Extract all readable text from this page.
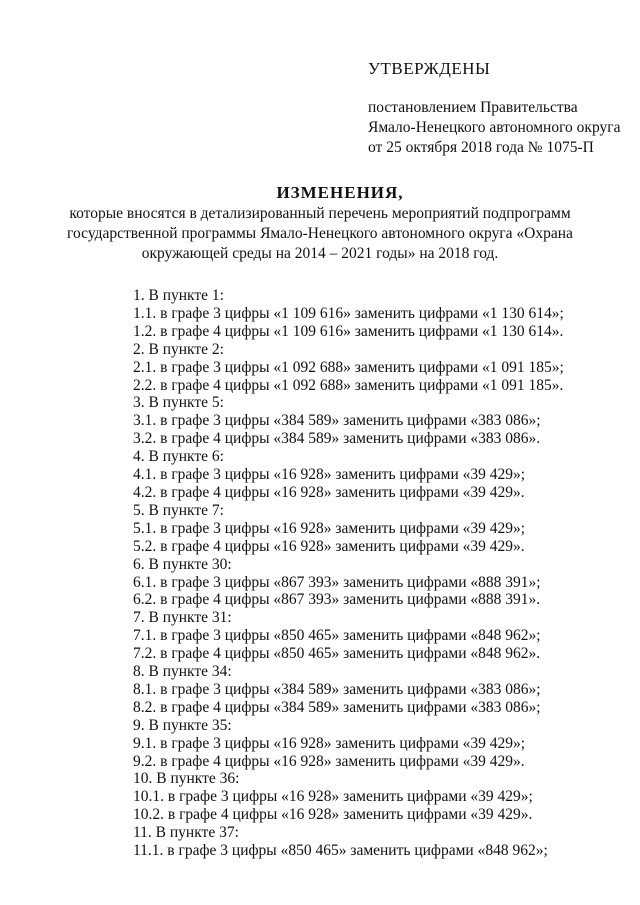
УТВЕРЖДЕНЫ
постановлением Правительства
Ямало-Ненецкого автономного округа
от 25 октября 2018 года № 1075-П
ИЗМЕНЕНИЯ,
которые вносятся в детализированный перечень мероприятий подпрограмм
государственной программы Ямало-Ненецкого автономного округа «Охрана
окружающей среды на 2014 – 2021 годы» на 2018 год.
1. В пункте 1:
1.1. в графе 3 цифры «1 109 616» заменить цифрами «1 130 614»;
1.2. в графе 4 цифры «1 109 616» заменить цифрами «1 130 614».
2. В пункте 2:
2.1. в графе 3 цифры «1 092 688» заменить цифрами «1 091 185»;
2.2. в графе 4 цифры «1 092 688» заменить цифрами «1 091 185».
3. В пункте 5:
3.1. в графе 3 цифры «384 589» заменить цифрами «383 086»;
3.2. в графе 4 цифры «384 589» заменить цифрами «383 086».
4. В пункте 6:
4.1. в графе 3 цифры «16 928» заменить цифрами «39 429»;
4.2. в графе 4 цифры «16 928» заменить цифрами «39 429».
5. В пункте 7:
5.1. в графе 3 цифры «16 928» заменить цифрами «39 429»;
5.2. в графе 4 цифры «16 928» заменить цифрами «39 429».
6. В пункте 30:
6.1. в графе 3 цифры «867 393» заменить цифрами «888 391»;
6.2. в графе 4 цифры «867 393» заменить цифрами «888 391».
7. В пункте 31:
7.1. в графе 3 цифры «850 465» заменить цифрами «848 962»;
7.2. в графе 4 цифры «850 465» заменить цифрами «848 962».
8. В пункте 34:
8.1. в графе 3 цифры «384 589» заменить цифрами «383 086»;
8.2. в графе 4 цифры «384 589» заменить цифрами «383 086»;
9. В пункте 35:
9.1. в графе 3 цифры «16 928» заменить цифрами «39 429»;
9.2. в графе 4 цифры «16 928» заменить цифрами «39 429».
10. В пункте 36:
10.1. в графе 3 цифры «16 928» заменить цифрами «39 429»;
10.2. в графе 4 цифры «16 928» заменить цифрами «39 429».
11. В пункте 37:
11.1. в графе 3 цифры «850 465» заменить цифрами «848 962»;
